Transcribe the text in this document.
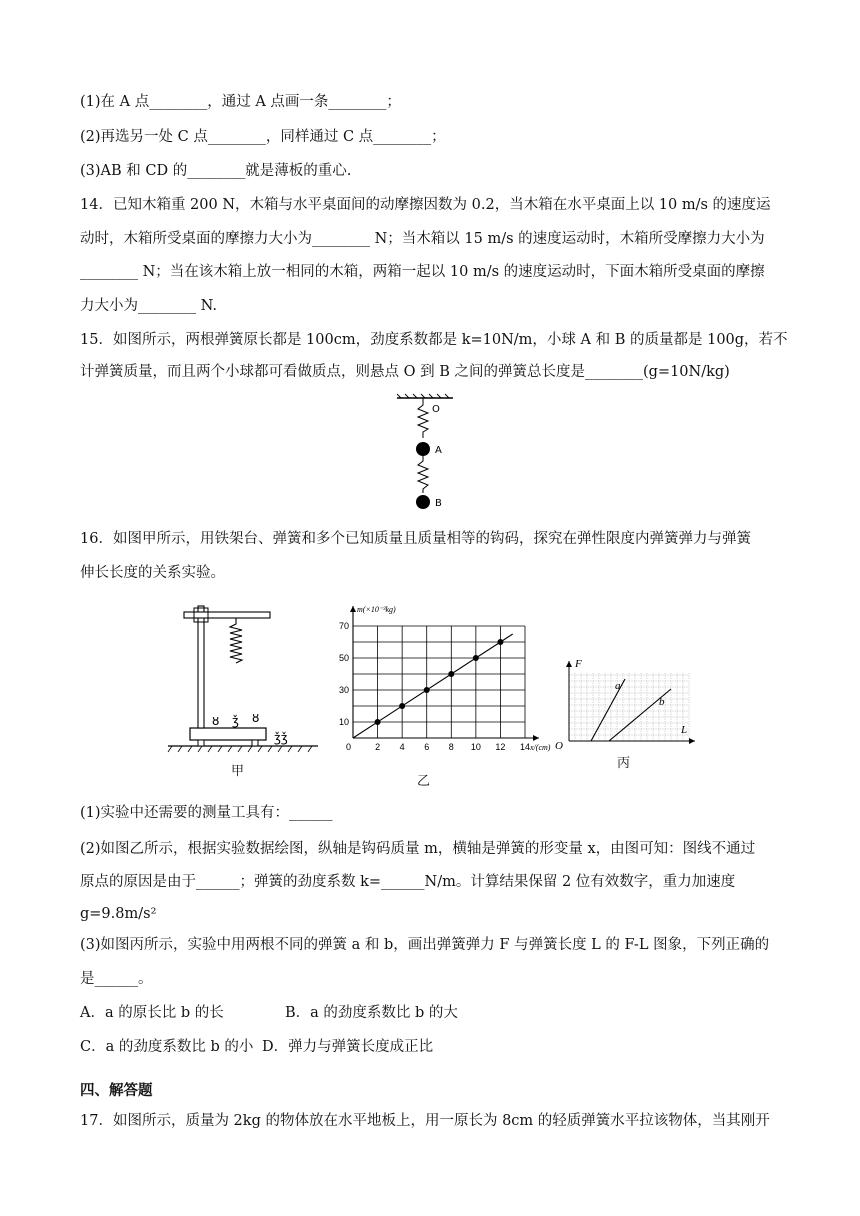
(1)在 A 点________，通过 A 点画一条________；
(2)再选另一处 C 点________，同样通过 C 点________；
(3)AB 和 CD 的________就是薄板的重心.
14．已知木箱重 200 N，木箱与水平桌面间的动摩擦因数为 0.2，当木箱在水平桌面上以 10 m/s 的速度运
动时，木箱所受桌面的摩擦力大小为________ N；当木箱以 15 m/s 的速度运动时，木箱所受摩擦力大小为
________ N；当在该木箱上放一相同的木箱，两箱一起以 10 m/s 的速度运动时，下面木箱所受桌面的摩擦
力大小为________ N.
15．如图所示，两根弹簧原长都是 100cm，劲度系数都是 k=10N/m，小球 A 和 B 的质量都是 100g，若不
计弹簧质量，而且两个小球都可看做质点，则悬点 O 到 B 之间的弹簧总长度是________(g=10N/kg)
O
A
B
16．如图甲所示，用铁架台、弹簧和多个已知质量且质量相等的钩码，探究在弹性限度内弹簧弹力与弹簧
伸长长度的关系实验。
ȣ ǯ ȣ
ǯǯ
甲
2 4 6 8 10 12 14
10
30
50
70
0
m(×10⁻³kg)
x/(cm)
乙
F
L
O
a
b
丙
(1)实验中还需要的测量工具有：______
(2)如图乙所示，根据实验数据绘图，纵轴是钩码质量 m，横轴是弹簧的形变量 x，由图可知：图线不通过
原点的原因是由于______；弹簧的劲度系数 k=______N/m。计算结果保留 2 位有效数字，重力加速度
g=9.8m/s²
(3)如图丙所示，实验中用两根不同的弹簧 a 和 b，画出弹簧弹力 F 与弹簧长度 L 的 F-L 图象，下列正确的
是______。
A．a 的原长比 b 的长	B．a 的劲度系数比 b 的大
C．a 的劲度系数比 b 的小 D．弹力与弹簧长度成正比
四、解答题
17．如图所示，质量为 2kg 的物体放在水平地板上，用一原长为 8cm 的轻质弹簧水平拉该物体，当其刚开
